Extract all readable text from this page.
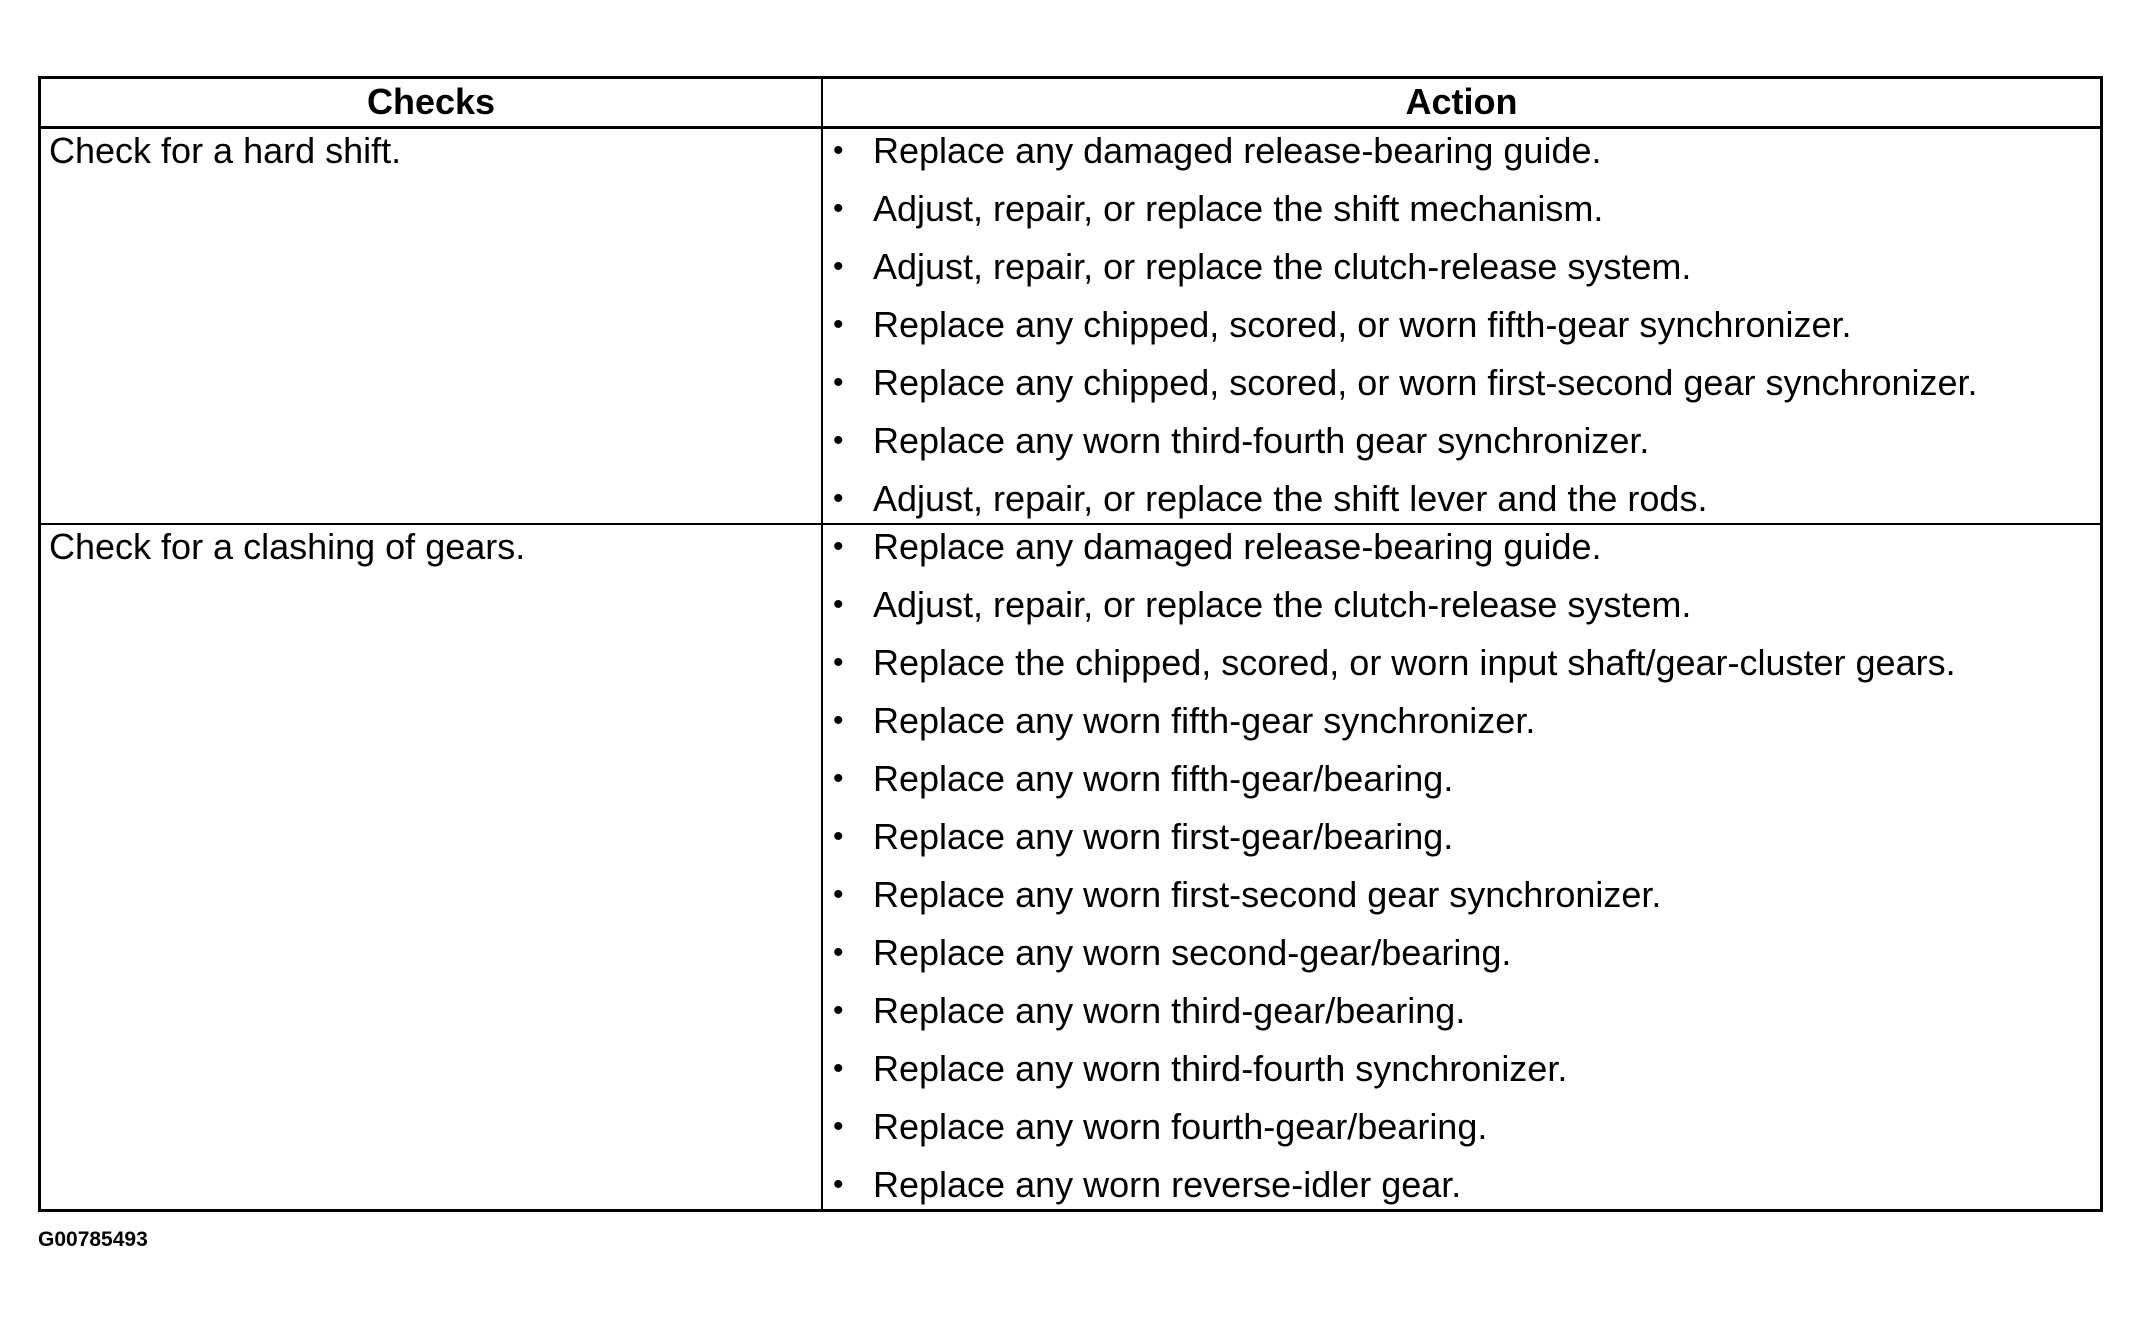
Checks	Action
Check for a hard shift.	• Replace any damaged release-bearing guide.
• Adjust, repair, or replace the shift mechanism.
• Adjust, repair, or replace the clutch-release system.
• Replace any chipped, scored, or worn fifth-gear synchronizer.
• Replace any chipped, scored, or worn first-second gear synchronizer.
• Replace any worn third-fourth gear synchronizer.
• Adjust, repair, or replace the shift lever and the rods.
Check for a clashing of gears.	• Replace any damaged release-bearing guide.
• Adjust, repair, or replace the clutch-release system.
• Replace the chipped, scored, or worn input shaft/gear-cluster gears.
• Replace any worn fifth-gear synchronizer.
• Replace any worn fifth-gear/bearing.
• Replace any worn first-gear/bearing.
• Replace any worn first-second gear synchronizer.
• Replace any worn second-gear/bearing.
• Replace any worn third-gear/bearing.
• Replace any worn third-fourth synchronizer.
• Replace any worn fourth-gear/bearing.
• Replace any worn reverse-idler gear.
G00785493
